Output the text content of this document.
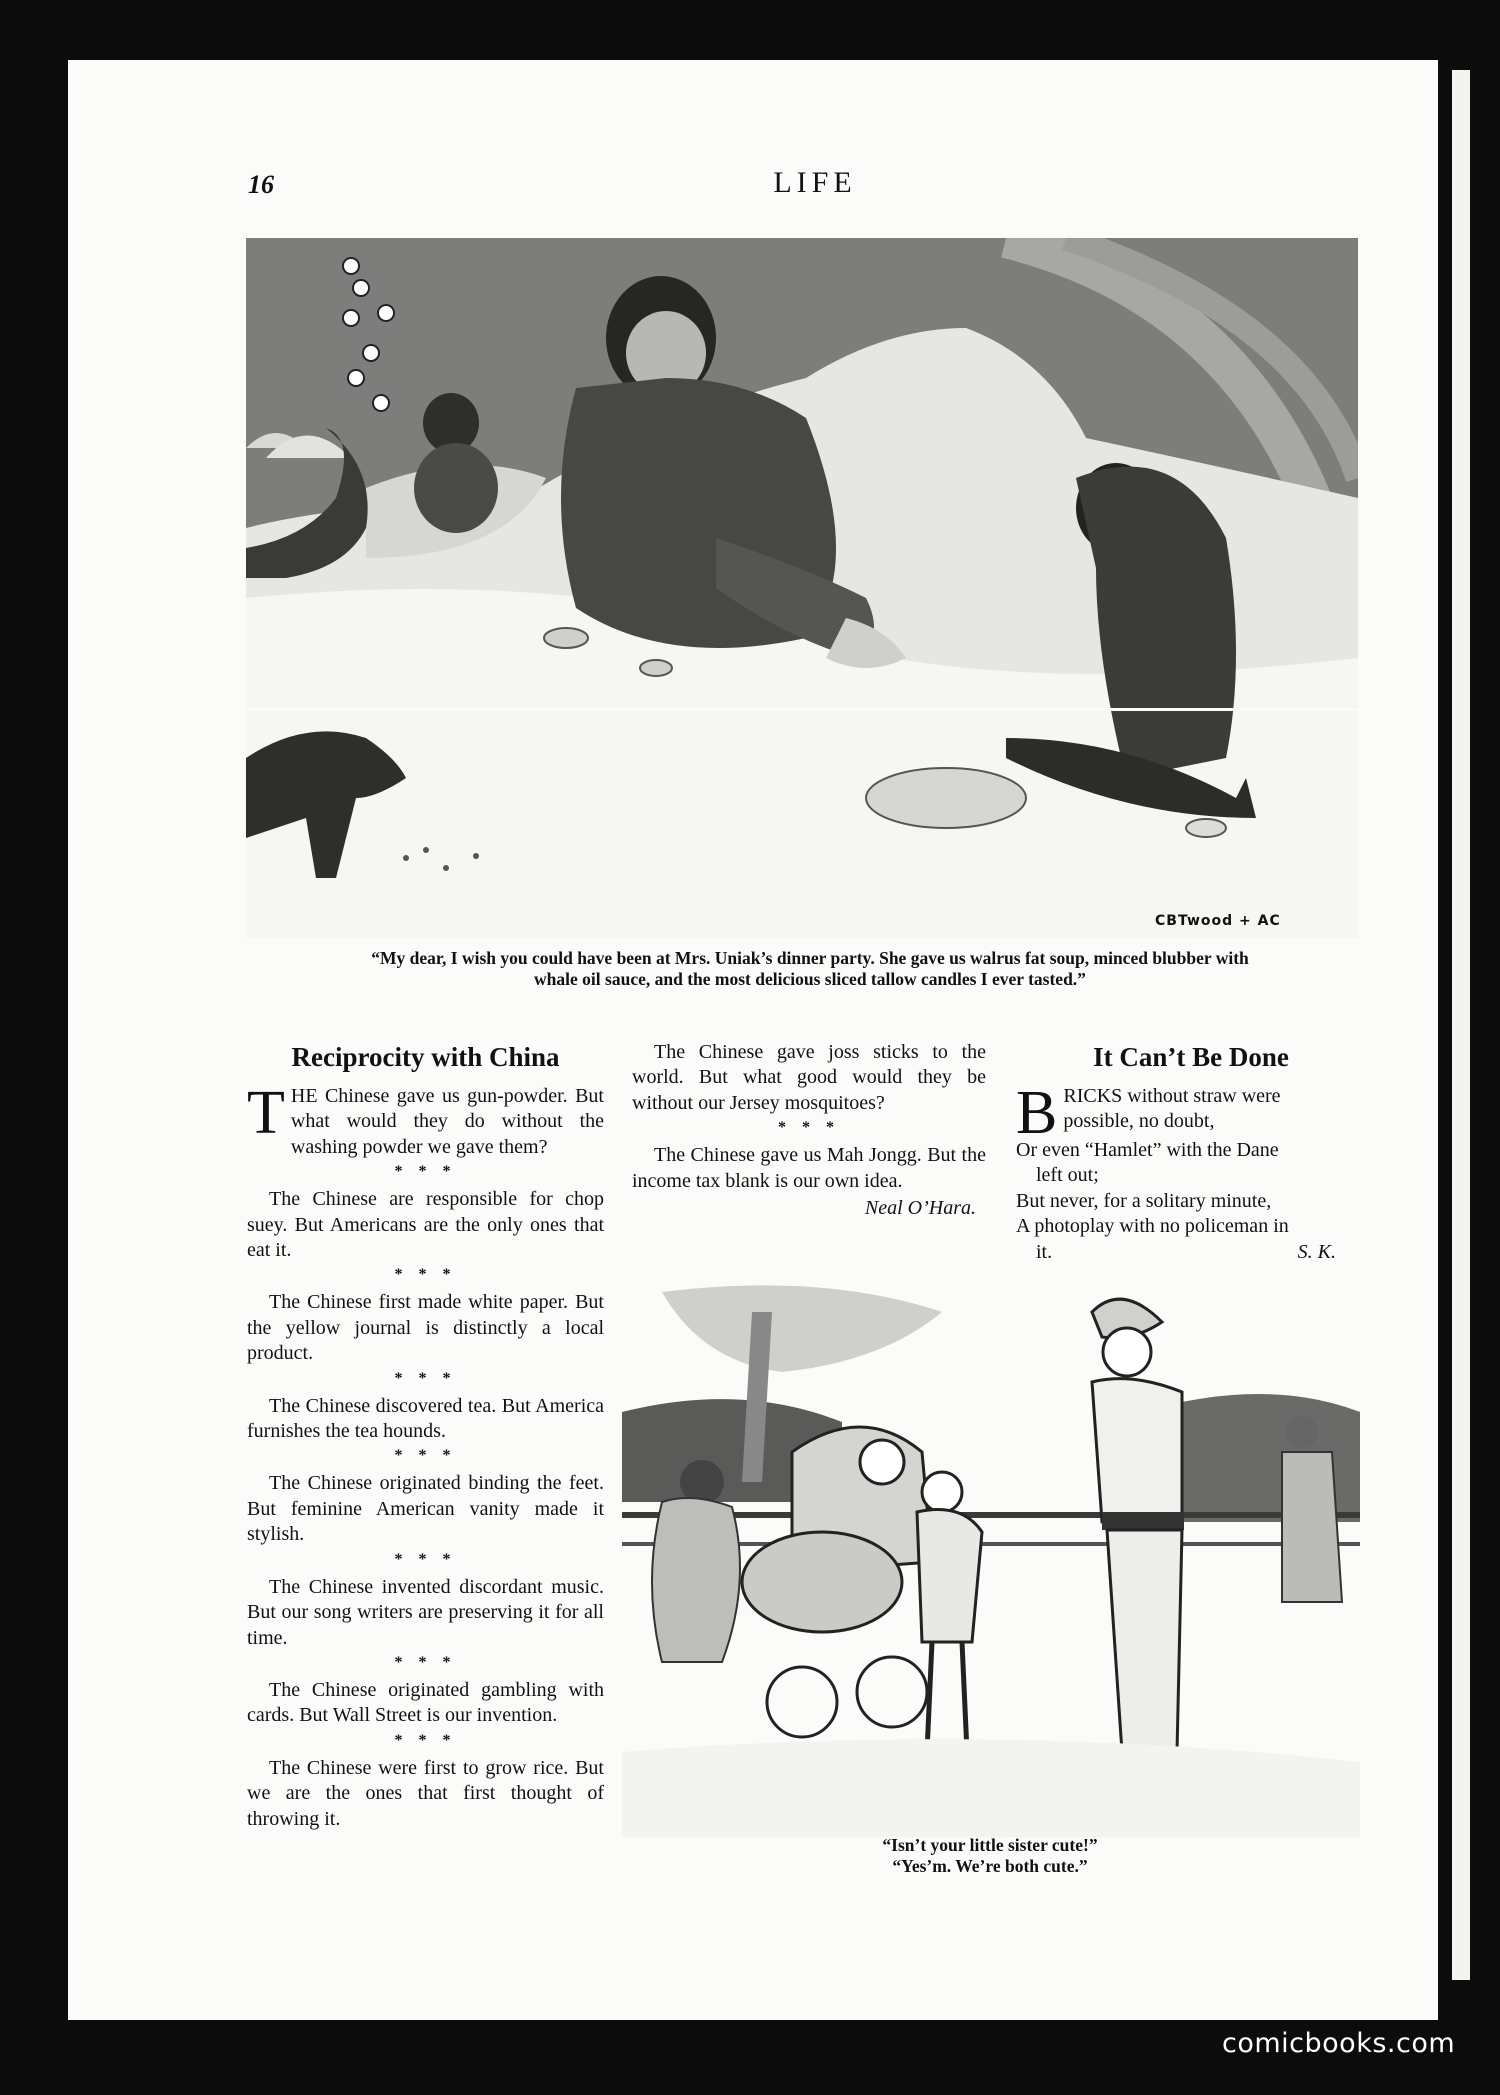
16	LIFE
CBTwood + AC
“My dear, I wish you could have been at Mrs. Uniak’s dinner party. She gave us walrus fat soup, minced blubber with whale oil sauce, and the most delicious sliced tallow candles I ever tasted.”
Reciprocity with China

THE Chinese gave us gun-powder. But what would they do without the washing powder we gave them?

* * *

The Chinese are responsible for chop suey. But Americans are the only ones that eat it.

* * *

The Chinese first made white paper. But the yellow journal is distinctly a local product.

* * *

The Chinese discovered tea. But America furnishes the tea hounds.

* * *

The Chinese originated binding the feet. But feminine American vanity made it stylish.

* * *

The Chinese invented discordant music. But our song writers are preserving it for all time.

* * *

The Chinese originated gambling with cards. But Wall Street is our invention.

* * *

The Chinese were first to grow rice. But we are the ones that first thought of throwing it.

The Chinese gave joss sticks to the world. But what good would they be without our Jersey mosquitoes?

* * *

The Chinese gave us Mah Jongg. But the income tax blank is our own idea.

Neal O’Hara.

It Can’t Be Done

BRICKS without straw were
possible, no doubt,

Or even “Hamlet” with the Dane

left out;

But never, for a solitary minute,

A photoplay with no policeman in

it.	S. K.

“Isn’t your little sister cute!”
“Yes’m. We’re both cute.”
comicbooks.com
